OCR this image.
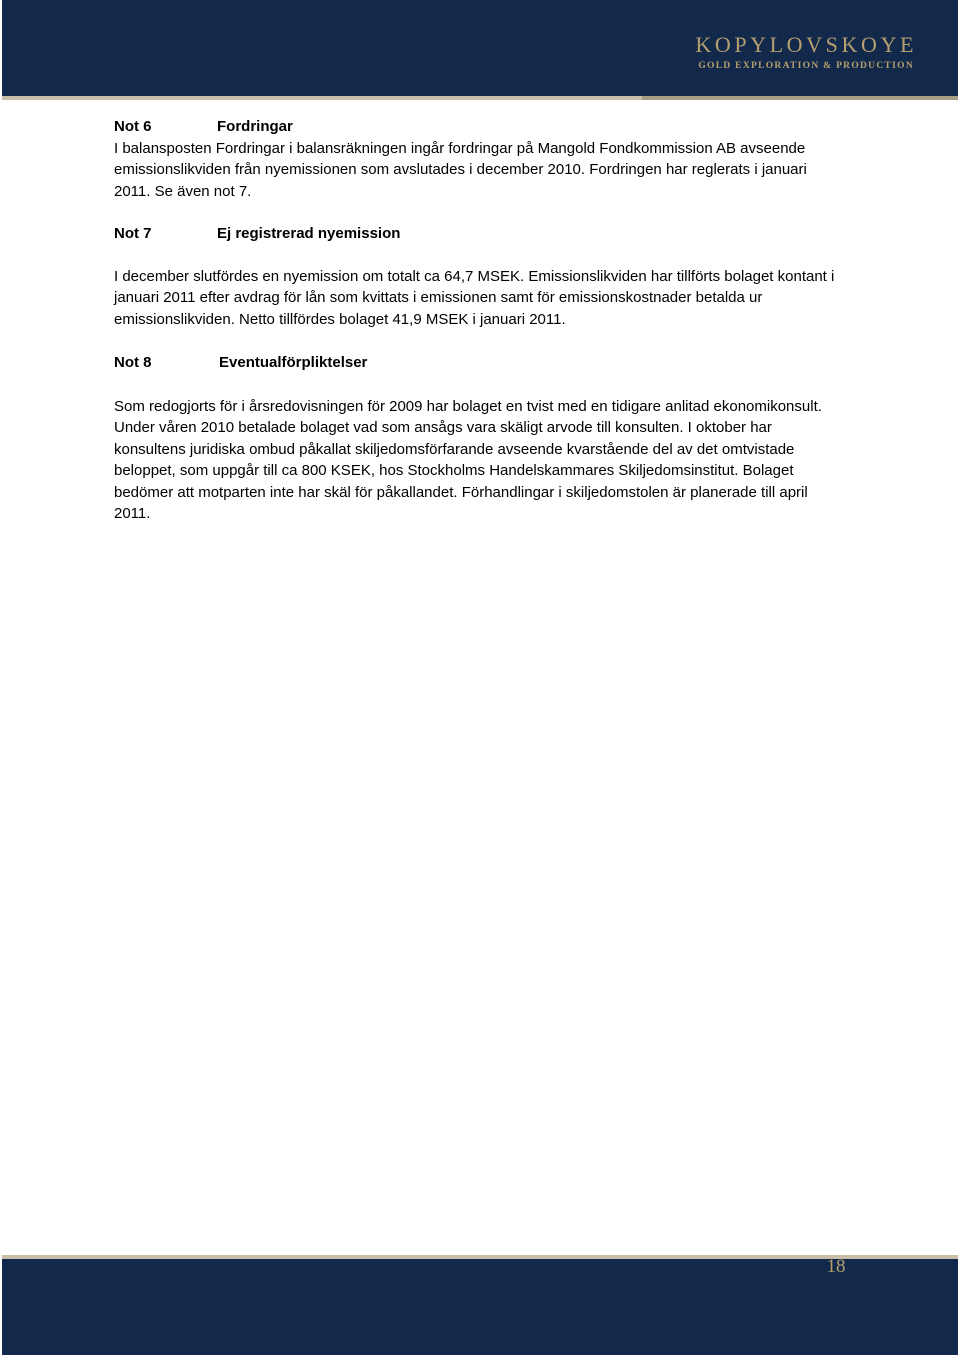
KOPYLOVSKOYE
GOLD EXPLORATION & PRODUCTION
Not 6	Fordringar

I balansposten Fordringar i balansräkningen ingår fordringar på Mangold Fondkommission AB avseende emissionslikviden från nyemissionen som avslutades i december 2010. Fordringen har reglerats i januari 2011. Se även not 7.

Not 7	Ej registrerad nyemission

I december slutfördes en nyemission om totalt ca 64,7 MSEK. Emissionslikviden har tillförts bolaget kontant i januari 2011 efter avdrag för lån som kvittats i emissionen samt för emissionskostnader betalda ur emissionslikviden. Netto tillfördes bolaget 41,9 MSEK i januari 2011.

Not 8	Eventualförpliktelser

Som redogjorts för i årsredovisningen för 2009 har bolaget en tvist med en tidigare anlitad ekonomikonsult. Under våren 2010 betalade bolaget vad som ansågs vara skäligt arvode till konsulten. I oktober har konsultens juridiska ombud påkallat skiljedomsförfarande avseende kvarstående del av det omtvistade beloppet, som uppgår till ca 800 KSEK, hos Stockholms Handelskammares Skiljedomsinstitut. Bolaget bedömer att motparten inte har skäl för påkallandet. Förhandlingar i skiljedomstolen är planerade till april 2011.

18
